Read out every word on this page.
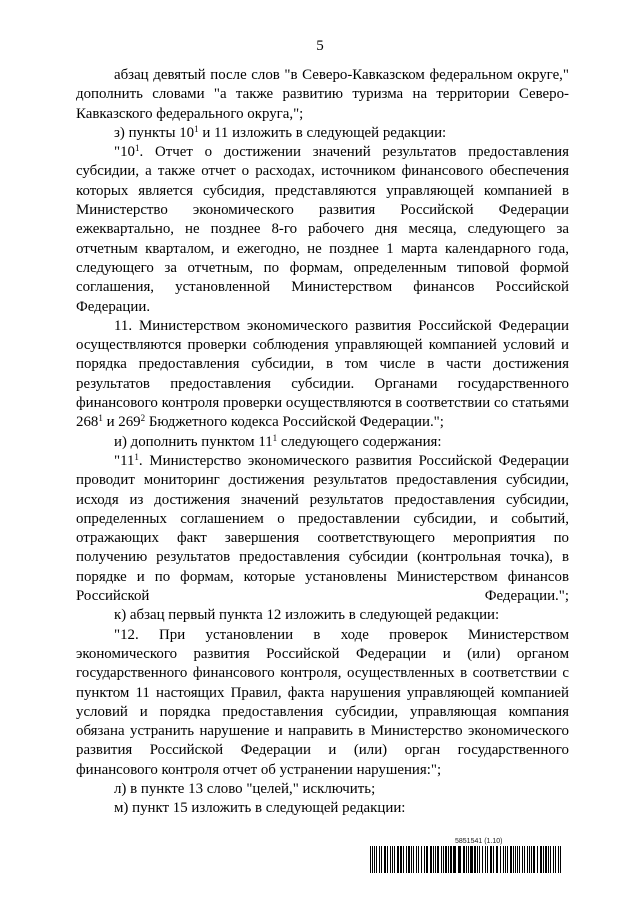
5

абзац девятый после слов "в Северо-Кавказском федеральном округе," дополнить словами "а также развитию туризма на территории Северо-Кавказского федерального округа,";

з) пункты $10^1$ и 11 изложить в следующей редакции:

"$10^1$. Отчет о достижении значений результатов предоставления субсидии, а также отчет о расходах, источником финансового обеспечения которых является субсидия, представляются управляющей компанией в Министерство экономического развития Российской Федерации ежеквартально, не позднее 8-го рабочего дня месяца, следующего за отчетным кварталом, и ежегодно, не позднее 1 марта календарного года, следующего за отчетным, по формам, определенным типовой формой соглашения, установленной Министерством финансов Российской Федерации.

11. Министерством экономического развития Российской Федерации осуществляются проверки соблюдения управляющей компанией условий и порядка предоставления субсидии, в том числе в части достижения результатов предоставления субсидии. Органами государственного финансового контроля проверки осуществляются в соответствии со статьями $268^1$ и $269^2$ Бюджетного кодекса Российской Федерации.";

и) дополнить пунктом $11^1$ следующего содержания:

"$11^1$. Министерство экономического развития Российской Федерации проводит мониторинг достижения результатов предоставления субсидии, исходя из достижения значений результатов предоставления субсидии, определенных соглашением о предоставлении субсидии, и событий, отражающих факт завершения соответствующего мероприятия по получению результатов предоставления субсидии (контрольная точка), в порядке и по формам, которые установлены Министерством финансов Российской Федерации.";

к) абзац первый пункта 12 изложить в следующей редакции:

"12. При установлении в ходе проверок Министерством экономического развития Российской Федерации и (или) органом государственного финансового контроля, осуществленных в соответствии с пунктом 11 настоящих Правил, факта нарушения управляющей компанией условий и порядка предоставления субсидии, управляющая компания обязана устранить нарушение и направить в Министерство экономического развития Российской Федерации и (или) орган государственного финансового контроля отчет об устранении нарушения:";

л) в пункте 13 слово "целей," исключить;

м) пункт 15 изложить в следующей редакции:

5851541 (1.10)
